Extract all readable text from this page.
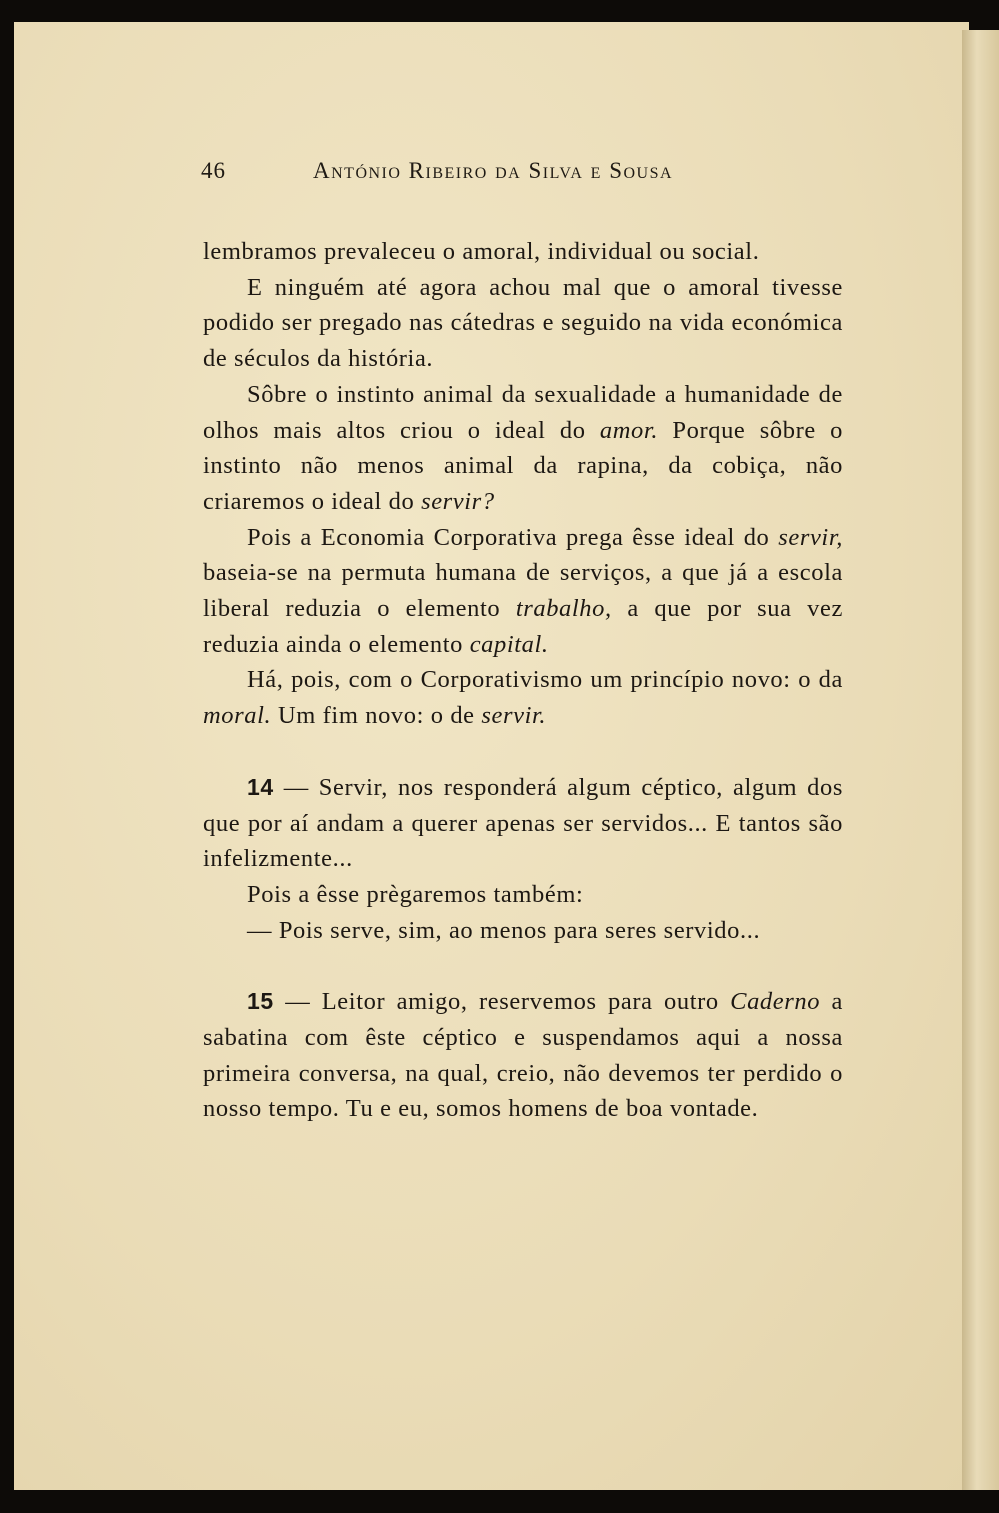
46	António Ribeiro da Silva e Sousa

lembramos prevaleceu o amoral, individual ou social.

E ninguém até agora achou mal que o amoral tivesse podido ser pregado nas cátedras e seguido na vida económica de séculos da história.

Sôbre o instinto animal da sexualidade a humanidade de olhos mais altos criou o ideal do amor. Porque sôbre o instinto não menos animal da rapina, da cobiça, não criaremos o ideal do servir?

Pois a Economia Corporativa prega êsse ideal do servir, baseia-se na permuta humana de serviços, a que já a escola liberal reduzia o elemento trabalho, a que por sua vez reduzia ainda o elemento capital.

Há, pois, com o Corporativismo um princípio novo: o da moral. Um fim novo: o de servir.

14 — Servir, nos responderá algum céptico, algum dos que por aí andam a querer apenas ser servidos... E tantos são infelizmente...

Pois a êsse prègaremos também:

— Pois serve, sim, ao menos para seres servido...

15 — Leitor amigo, reservemos para outro Caderno a sabatina com êste céptico e suspendamos aqui a nossa primeira conversa, na qual, creio, não devemos ter perdido o nosso tempo. Tu e eu, somos homens de boa vontade.
